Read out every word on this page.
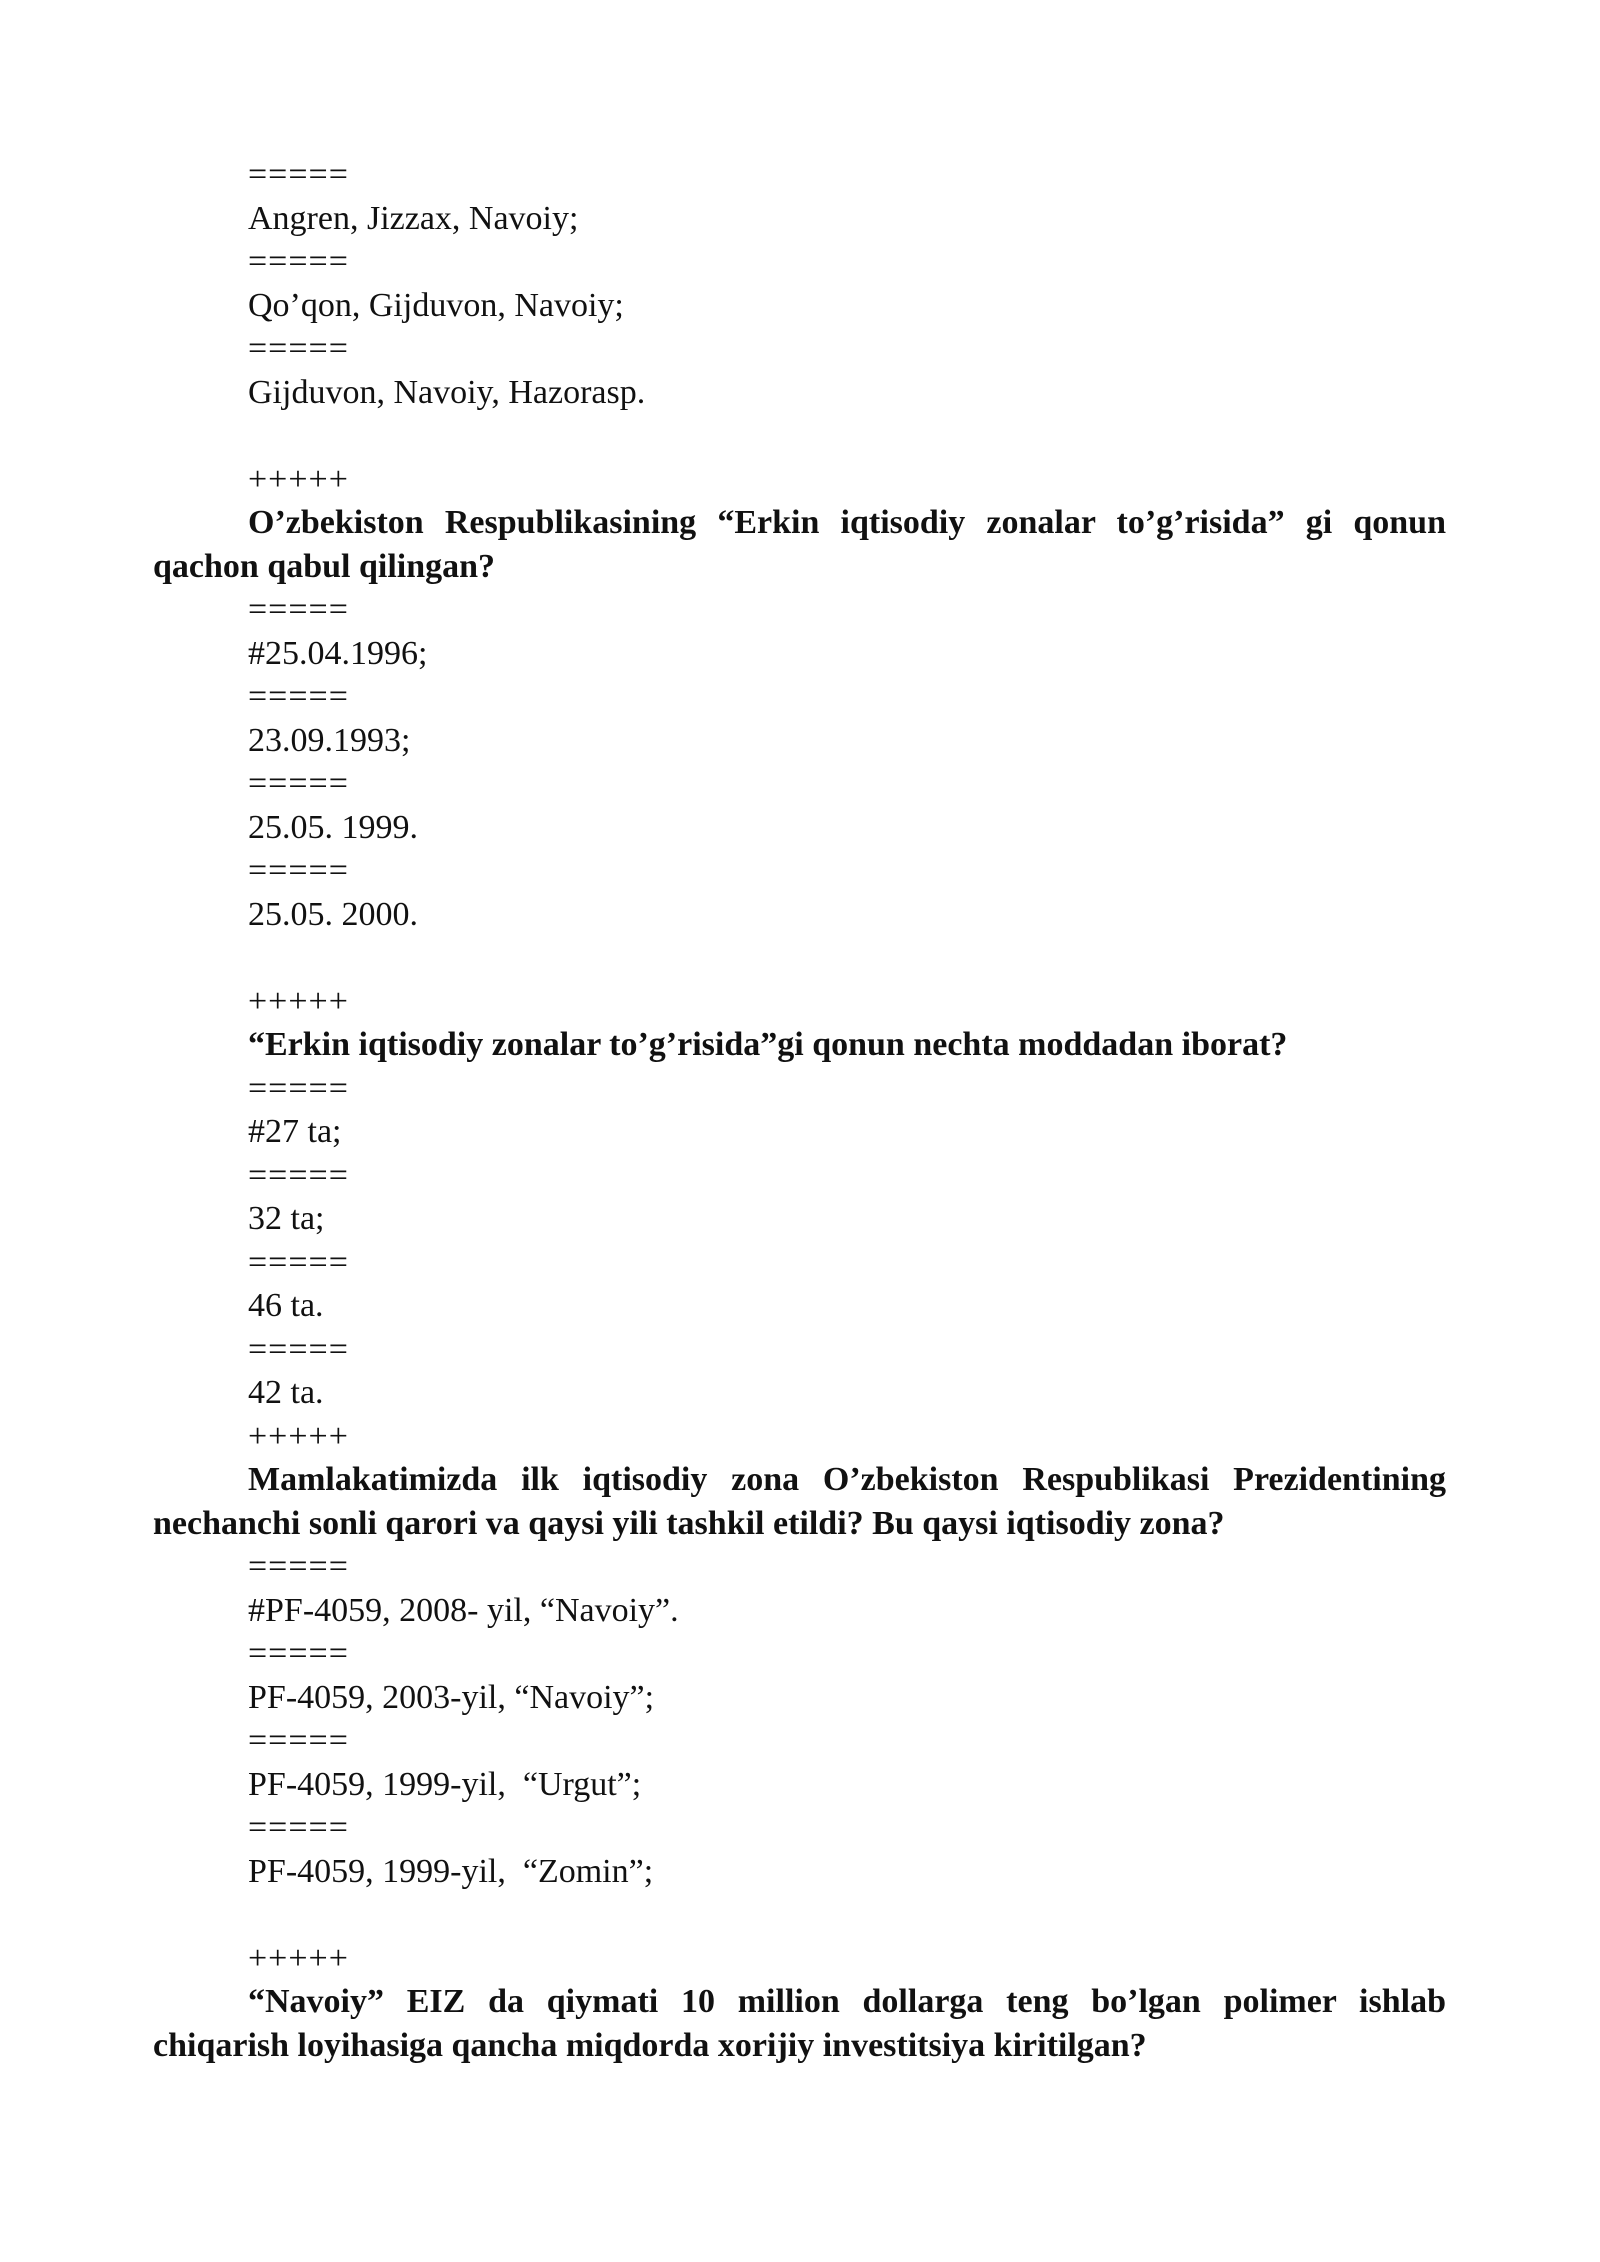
=====
Angren, Jizzax, Navoiy;
=====
Qo’qon, Gijduvon, Navoiy;
=====
Gijduvon, Navoiy, Hazorasp.
+++++
O’zbekiston Respublikasining “Erkin iqtisodiy zonalar to’g’risida” gi qonun qachon qabul qilingan?
=====
#25.04.1996;
=====
23.09.1993;
=====
25.05. 1999.
=====
25.05. 2000.
+++++
“Erkin iqtisodiy zonalar to’g’risida”gi qonun nechta moddadan iborat?
=====
#27 ta;
=====
32 ta;
=====
46 ta.
=====
42 ta.
+++++
Mamlakatimizda ilk iqtisodiy zona O’zbekiston Respublikasi Prezidentining nechanchi sonli qarori va qaysi yili tashkil etildi? Bu qaysi iqtisodiy zona?
=====
#PF-4059, 2008- yil, “Navoiy”.
=====
PF-4059, 2003-yil, “Navoiy”;
=====
PF-4059, 1999-yil,  “Urgut”;
=====
PF-4059, 1999-yil,  “Zomin”;
+++++
“Navoiy” EIZ da qiymati 10 million dollarga teng bo’lgan polimer ishlab chiqarish loyihasiga qancha miqdorda xorijiy investitsiya kiritilgan?
